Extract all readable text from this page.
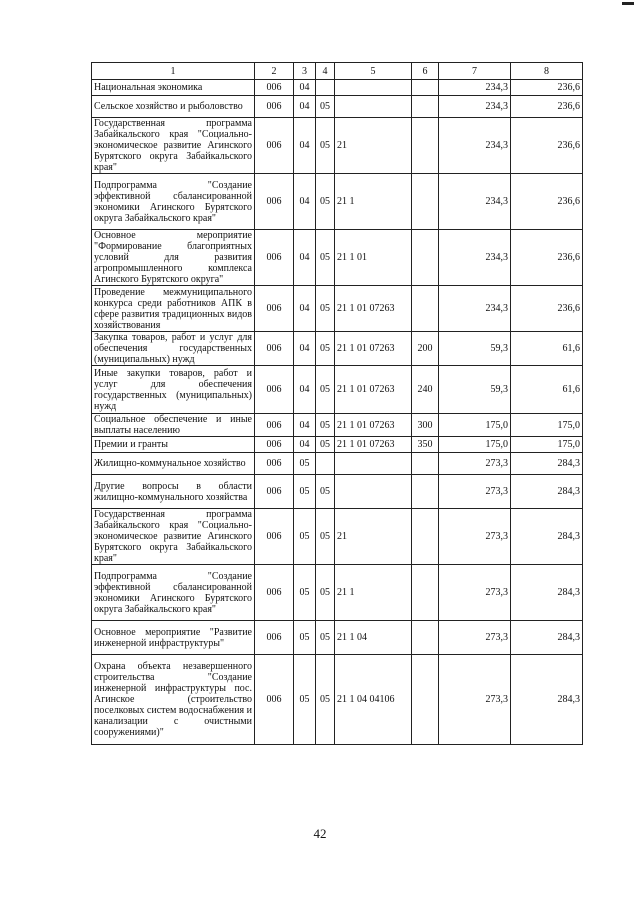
1	2	3	4	5	6	7	8
Национальная экономика	006	04				234,3	236,6
Сельское хозяйство и рыболовство	006	04	05			234,3	236,6
Государственная программа Забайкальского края "Социально-экономическое развитие Агинского Бурятского округа Забайкальского края"	006	04	05	21		234,3	236,6
Подпрограмма "Создание эффективной сбалансированной экономики Агинского Бурятского округа Забайкальского края"	006	04	05	21 1		234,3	236,6
Основное мероприятие "Формирование благоприятных условий для развития агропромышленного комплекса Агинского Бурятского округа"	006	04	05	21 1 01		234,3	236,6
Проведение межмуниципального конкурса среди работников АПК в сфере развития традиционных видов хозяйствования	006	04	05	21 1 01 07263		234,3	236,6
Закупка товаров, работ и услуг для обеспечения государственных (муниципальных) нужд	006	04	05	21 1 01 07263	200	59,3	61,6
Иные закупки товаров, работ и услуг для обеспечения государственных (муниципальных) нужд	006	04	05	21 1 01 07263	240	59,3	61,6
Социальное обеспечение и иные выплаты населению	006	04	05	21 1 01 07263	300	175,0	175,0
Премии и гранты	006	04	05	21 1 01 07263	350	175,0	175,0
Жилищно-коммунальное хозяйство	006	05				273,3	284,3
Другие вопросы в области жилищно-коммунального хозяйства	006	05	05			273,3	284,3
Государственная программа Забайкальского края "Социально-экономическое развитие Агинского Бурятского округа Забайкальского края"	006	05	05	21		273,3	284,3
Подпрограмма "Создание эффективной сбалансированной экономики Агинского Бурятского округа Забайкальского края"	006	05	05	21 1		273,3	284,3
Основное мероприятие "Развитие инженерной инфраструктуры"	006	05	05	21 1 04		273,3	284,3
Охрана объекта незавершенного строительства "Создание инженерной инфраструктуры пос. Агинское (строительство поселковых систем водоснабжения и канализации с очистными сооружениями)"	006	05	05	21 1 04 04106		273,3	284,3
42
